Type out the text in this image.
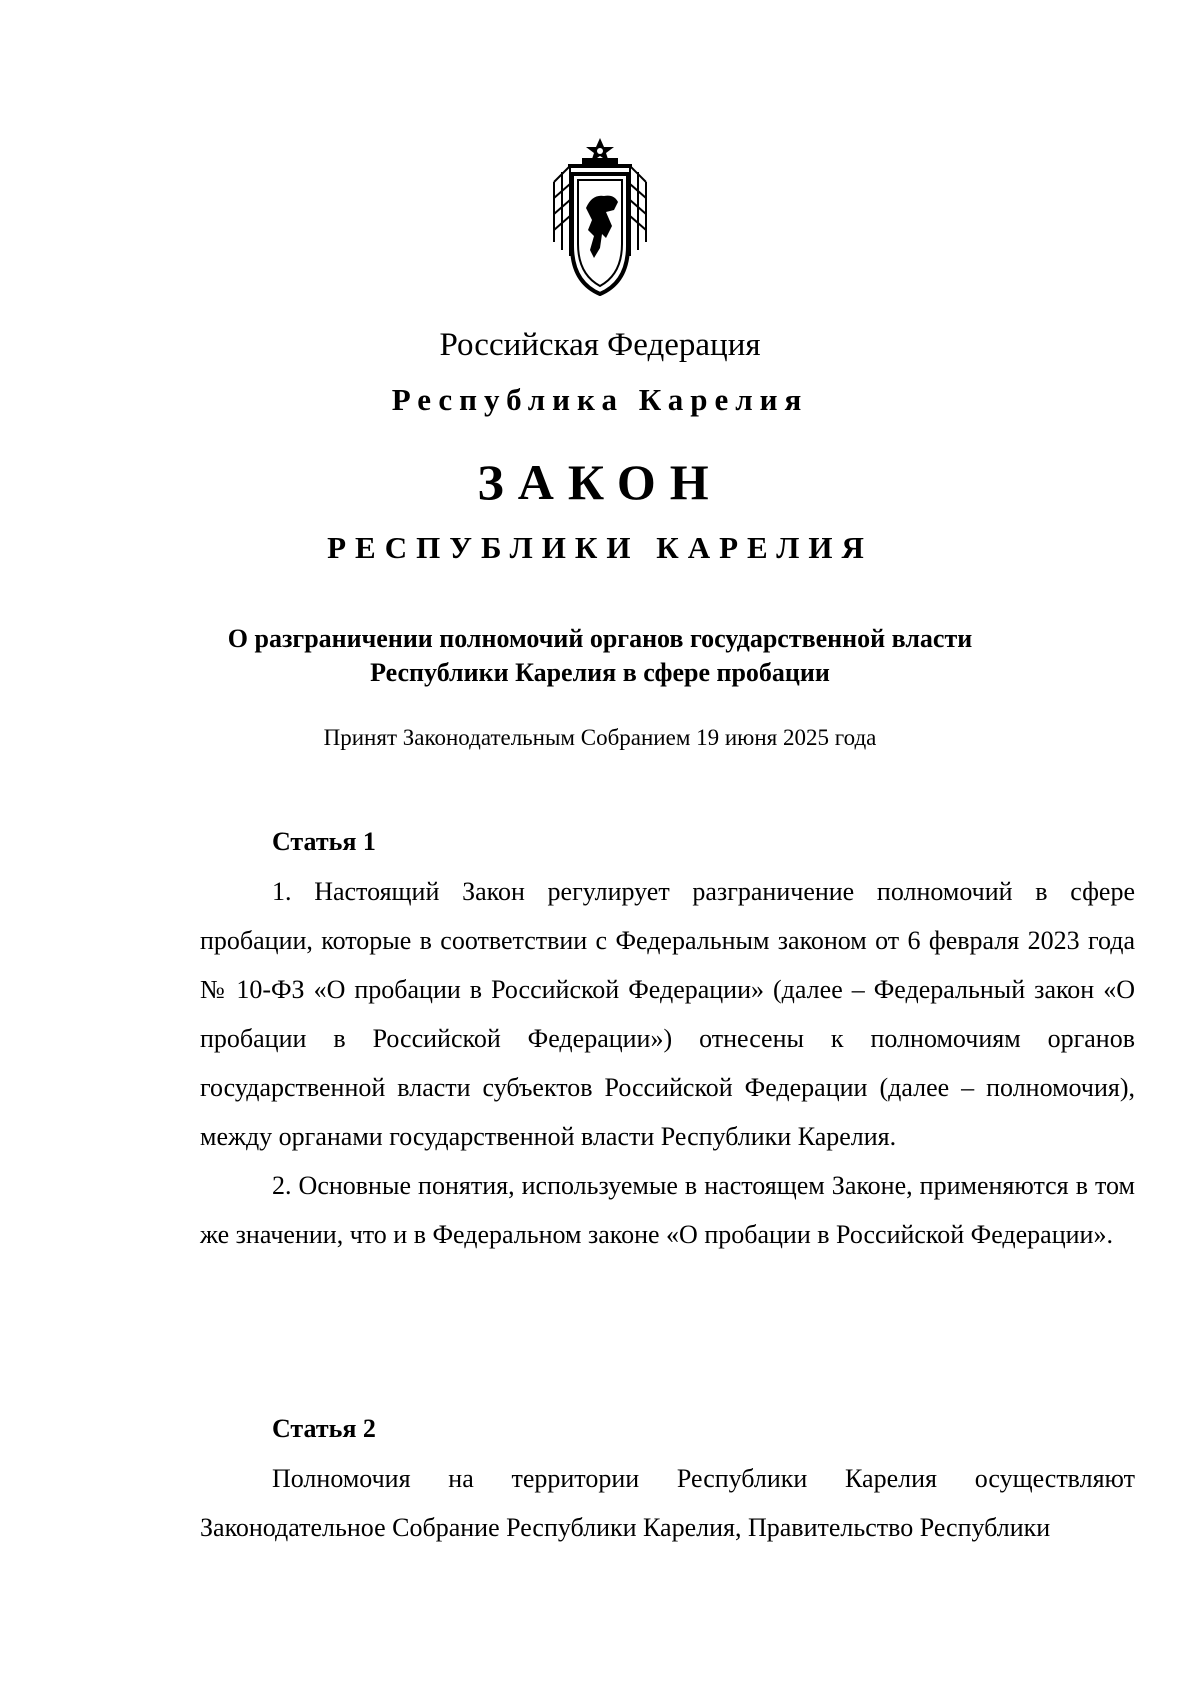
Российская Федерация
Республика Карелия
ЗАКОН
РЕСПУБЛИКИ КАРЕЛИЯ
О разграничении полномочий органов государственной власти
Республики Карелия в сфере пробации
Принят Законодательным Собранием 19 июня 2025 года
Статья 1

1. Настоящий Закон регулирует разграничение полномочий в сфере пробации, которые в соответствии с Федеральным законом от 6 февраля 2023 года № 10-ФЗ «О пробации в Российской Федерации» (далее – Федеральный закон «О пробации в Российской Федерации») отнесены к полномочиям органов государственной власти субъектов Российской Федерации (далее – полномочия), между органами государственной власти Республики Карелия.

2. Основные понятия, используемые в настоящем Законе, применяются в том же значении, что и в Федеральном законе «О пробации в Российской Федерации».

Статья 2

Полномочия на территории Республики Карелия осуществляют Законодательное Собрание Республики Карелия, Правительство Республики
